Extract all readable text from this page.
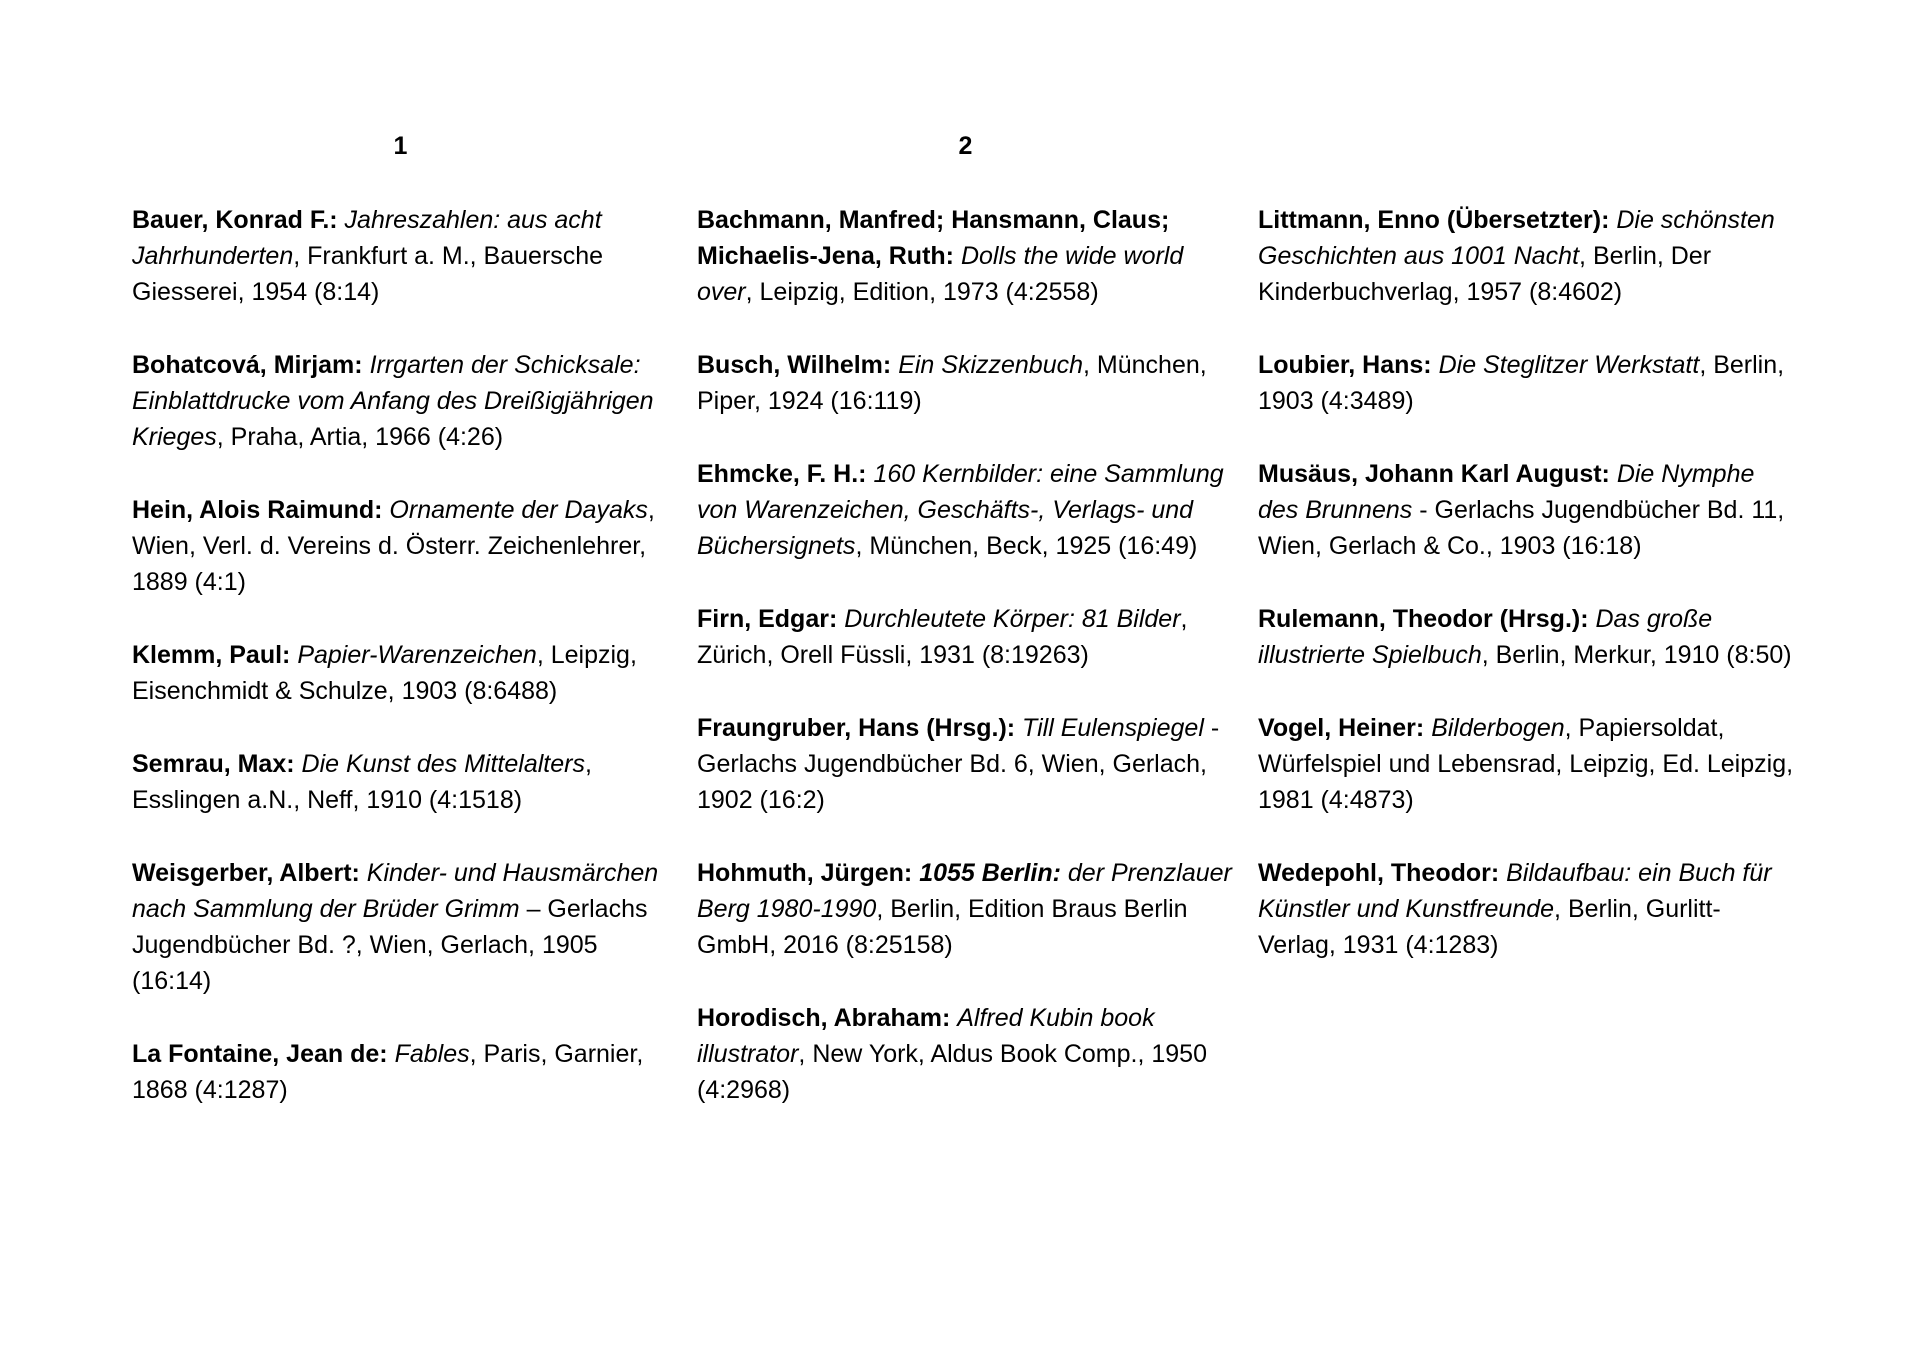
1	2

Bauer, Konrad F.: Jahreszahlen: aus acht Jahrhunderten, Frankfurt a. M., Bauersche Giesserei, 1954 (8:14)

Bohatcová, Mirjam: Irrgarten der Schicksale: Einblattdrucke vom Anfang des Dreißigjährigen Krieges, Praha, Artia, 1966 (4:26)

Hein, Alois Raimund: Ornamente der Dayaks, Wien, Verl. d. Vereins d. Österr. Zeichenlehrer, 1889 (4:1)

Klemm, Paul: Papier-Warenzeichen, Leipzig, Eisenchmidt & Schulze, 1903 (8:6488)

Semrau, Max: Die Kunst des Mittelalters, Esslingen a.N., Neff, 1910 (4:1518)

Weisgerber, Albert: Kinder- und Hausmärchen nach Sammlung der Brüder Grimm – Gerlachs Jugendbücher Bd. ?, Wien, Gerlach, 1905 (16:14)

La Fontaine, Jean de: Fables, Paris, Garnier, 1868 (4:1287)

Bachmann, Manfred; Hansmann, Claus; Michaelis-Jena, Ruth: Dolls the wide world over, Leipzig, Edition, 1973 (4:2558)

Busch, Wilhelm: Ein Skizzenbuch, München, Piper, 1924 (16:119)

Ehmcke, F. H.: 160 Kernbilder: eine Sammlung von Warenzeichen, Geschäfts-, Verlags- und Büchersignets, München, Beck, 1925 (16:49)

Firn, Edgar: Durchleutete Körper: 81 Bilder, Zürich, Orell Füssli, 1931 (8:19263)

Fraungruber, Hans (Hrsg.): Till Eulenspiegel - Gerlachs Jugendbücher Bd. 6, Wien, Gerlach, 1902 (16:2)

Hohmuth, Jürgen: 1055 Berlin: der Prenzlauer Berg 1980-1990, Berlin, Edition Braus Berlin GmbH, 2016 (8:25158)

Horodisch, Abraham: Alfred Kubin book illustrator, New York, Aldus Book Comp., 1950 (4:2968)

Littmann, Enno (Übersetzter): Die schönsten Geschichten aus 1001 Nacht, Berlin, Der Kinderbuchverlag, 1957 (8:4602)

Loubier, Hans: Die Steglitzer Werkstatt, Berlin, 1903 (4:3489)

Musäus, Johann Karl August: Die Nymphe des Brunnens - Gerlachs Jugendbücher Bd. 11, Wien, Gerlach & Co., 1903 (16:18)

Rulemann, Theodor (Hrsg.): Das große illustrierte Spielbuch, Berlin, Merkur, 1910 (8:50)

Vogel, Heiner: Bilderbogen, Papiersoldat, Würfelspiel und Lebensrad, Leipzig, Ed. Leipzig, 1981 (4:4873)

Wedepohl, Theodor: Bildaufbau: ein Buch für Künstler und Kunstfreunde, Berlin, Gurlitt-Verlag, 1931 (4:1283)
